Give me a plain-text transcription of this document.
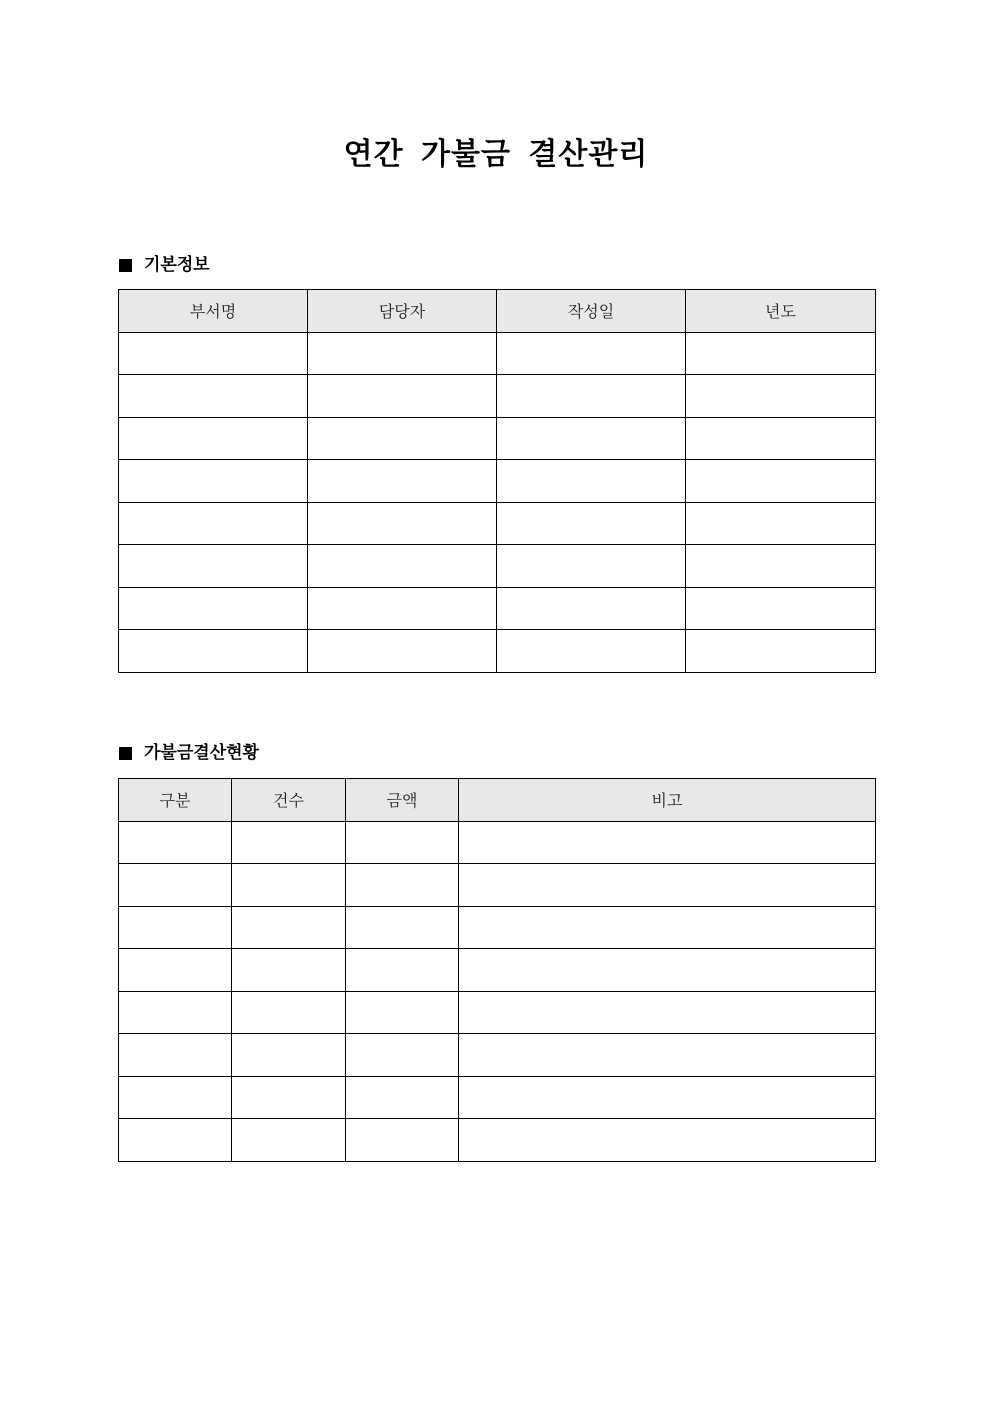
연간 가불금 결산관리
기본정보
부서명	담당자	작성일	년도

가불금결산현황
구분	건수	금액	비고
